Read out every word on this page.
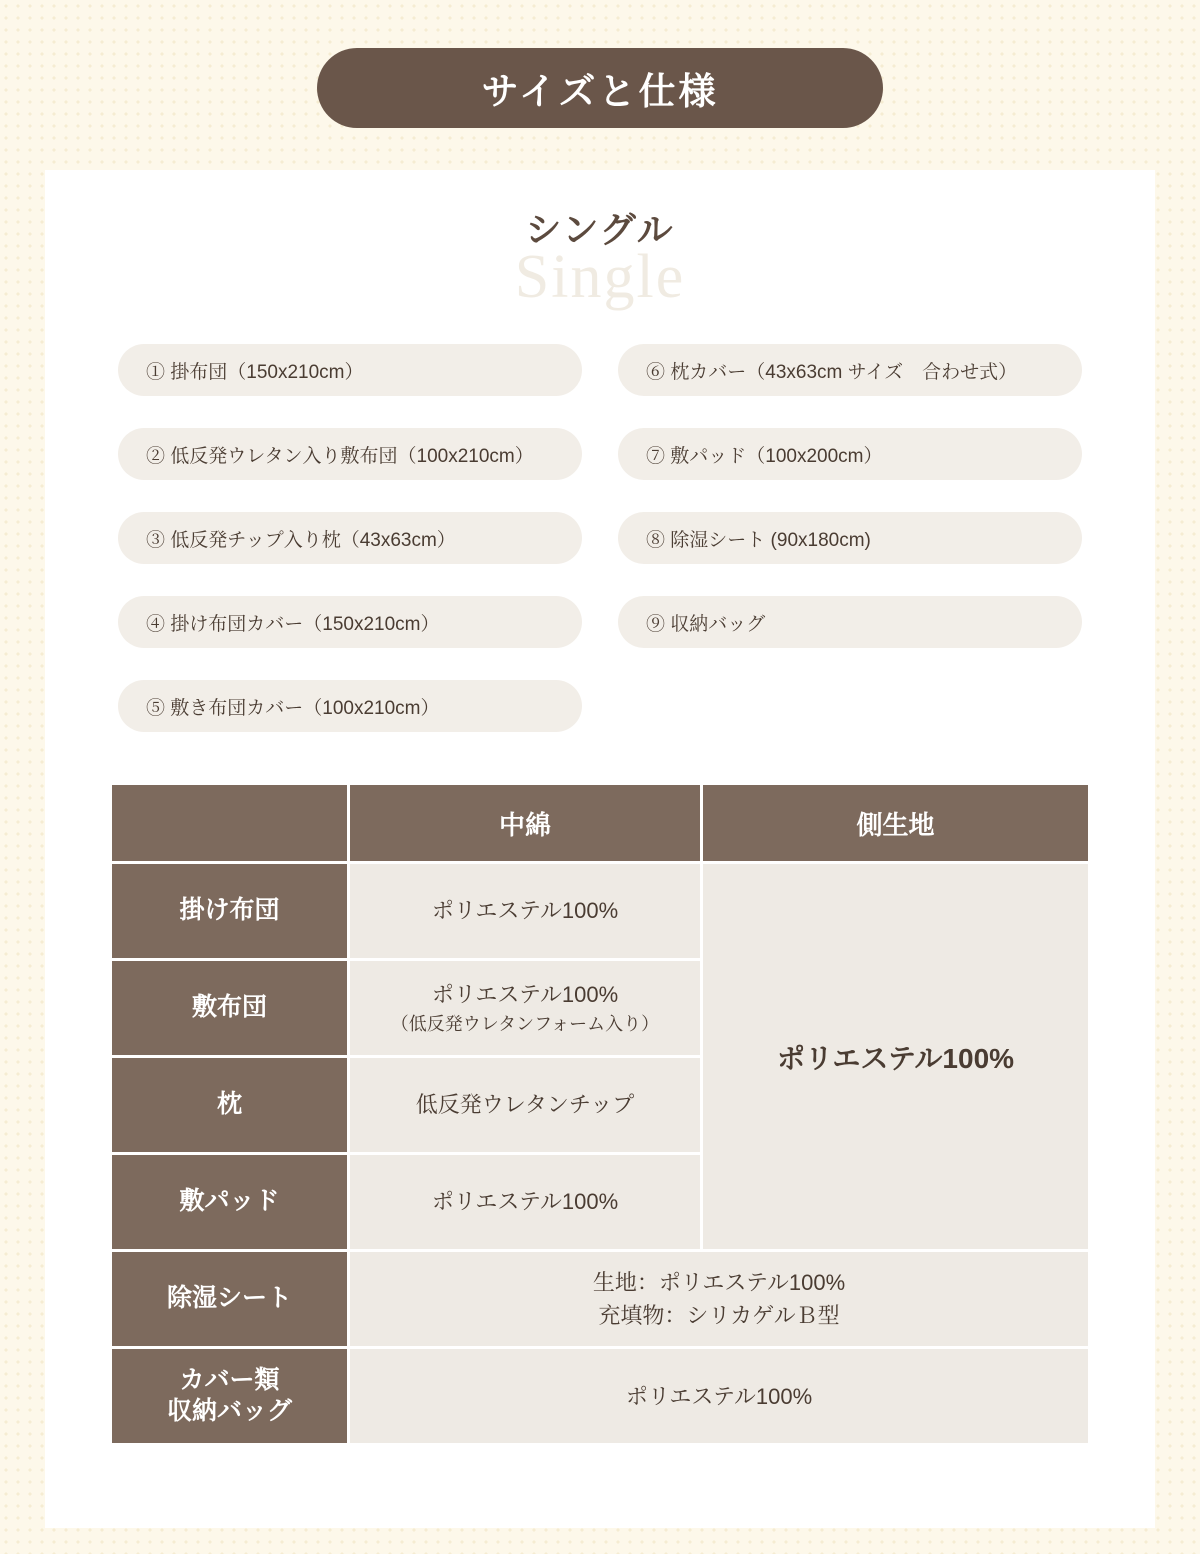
サイズと仕様
Single
シングル
① 掛布団（150x210cm）
② 低反発ウレタン入り敷布団（100x210cm）
③ 低反発チップ入り枕（43x63cm）
④ 掛け布団カバー（150x210cm）
⑤ 敷き布団カバー（100x210cm）
⑥ 枕カバー（43x63cm サイズ　合わせ式）
⑦ 敷パッド（100x200cm）
⑧ 除湿シート (90x180cm)
⑨ 収納バッグ
	中綿	側生地
掛け布団	ポリエステル100%	ポリエステル100%
敷布団	ポリエステル100%
（低反発ウレタンフォーム入り）	

枕	低反発ウレタンチップ	
敷パッド	ポリエステル100%	
除湿シート	生地：ポリエステル100%
充填物：シリカゲルＢ型	

カバー類
収納バッグ	ポリエステル100%	
